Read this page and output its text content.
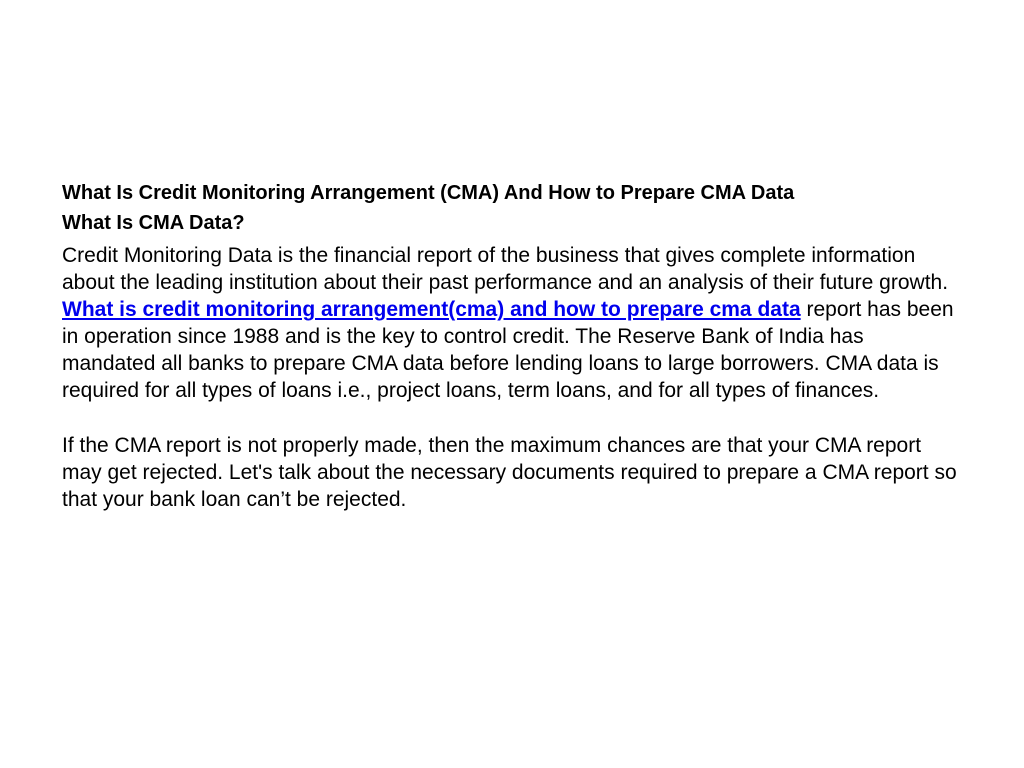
What Is Credit Monitoring Arrangement (CMA) And How to Prepare CMA Data
What Is CMA Data?

Credit Monitoring Data is the financial report of the business that gives complete information about the leading institution about their past performance and an analysis of their future growth. What is credit monitoring arrangement(cma) and how to prepare cma data report has been in operation since 1988 and is the key to control credit. The Reserve Bank of India has mandated all banks to prepare CMA data before lending loans to large borrowers. CMA data is required for all types of loans i.e., project loans, term loans, and for all types of finances.

If the CMA report is not properly made, then the maximum chances are that your CMA report may get rejected. Let's talk about the necessary documents required to prepare a CMA report so that your bank loan can’t be rejected.
